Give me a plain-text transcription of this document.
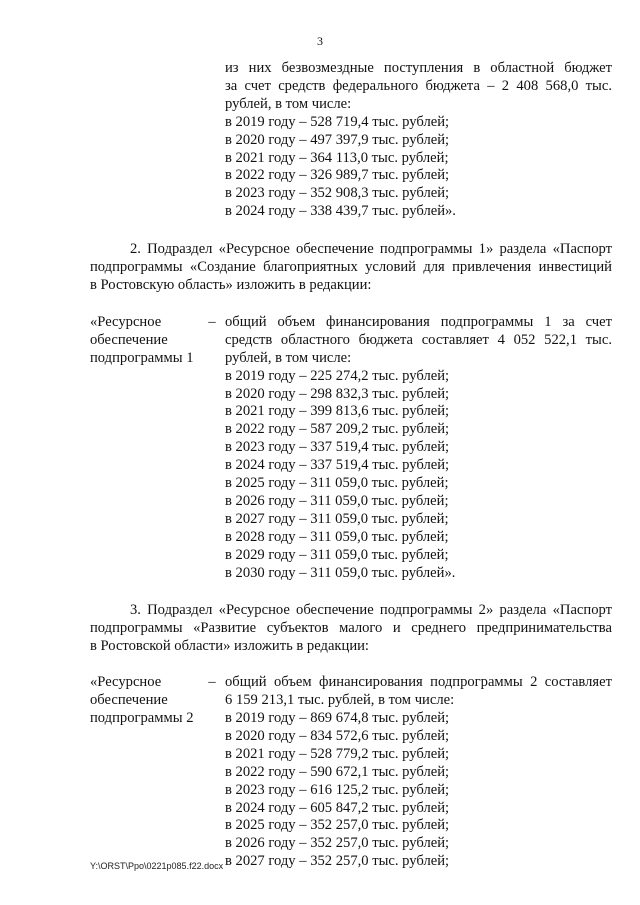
3
из них безвозмездные поступления в областной бюджет
за счет средств федерального бюджета – 2 408 568,0 тыс.
рублей, в том числе:
в 2019 году – 528 719,4 тыс. рублей;
в 2020 году – 497 397,9 тыс. рублей;
в 2021 году – 364 113,0 тыс. рублей;
в 2022 году – 326 989,7 тыс. рублей;
в 2023 году – 352 908,3 тыс. рублей;
в 2024 году – 338 439,7 тыс. рублей».
2. Подраздел «Ресурсное обеспечение подпрограммы 1» раздела «Паспорт
подпрограммы «Создание благоприятных условий для привлечения инвестиций
в Ростовскую область» изложить в редакции:
«Ресурсное
обеспечение
подпрограммы 1
– общий объем финансирования подпрограммы 1 за счет
средств областного бюджета составляет 4 052 522,1 тыс.
рублей, в том числе:
в 2019 году – 225 274,2 тыс. рублей;
в 2020 году – 298 832,3 тыс. рублей;
в 2021 году – 399 813,6 тыс. рублей;
в 2022 году – 587 209,2 тыс. рублей;
в 2023 году – 337 519,4 тыс. рублей;
в 2024 году – 337 519,4 тыс. рублей;
в 2025 году – 311 059,0 тыс. рублей;
в 2026 году – 311 059,0 тыс. рублей;
в 2027 году – 311 059,0 тыс. рублей;
в 2028 году – 311 059,0 тыс. рублей;
в 2029 году – 311 059,0 тыс. рублей;
в 2030 году – 311 059,0 тыс. рублей».
3. Подраздел «Ресурсное обеспечение подпрограммы 2» раздела «Паспорт
подпрограммы «Развитие субъектов малого и среднего предпринимательства
в Ростовской области» изложить в редакции:
«Ресурсное
обеспечение
подпрограммы 2
– общий объем финансирования подпрограммы 2 составляет
6 159 213,1 тыс. рублей, в том числе:
в 2019 году – 869 674,8 тыс. рублей;
в 2020 году – 834 572,6 тыс. рублей;
в 2021 году – 528 779,2 тыс. рублей;
в 2022 году – 590 672,1 тыс. рублей;
в 2023 году – 616 125,2 тыс. рублей;
в 2024 году – 605 847,2 тыс. рублей;
в 2025 году – 352 257,0 тыс. рублей;
в 2026 году – 352 257,0 тыс. рублей;
в 2027 году – 352 257,0 тыс. рублей;
Y:\ORST\Ppo\0221p085.f22.docx
